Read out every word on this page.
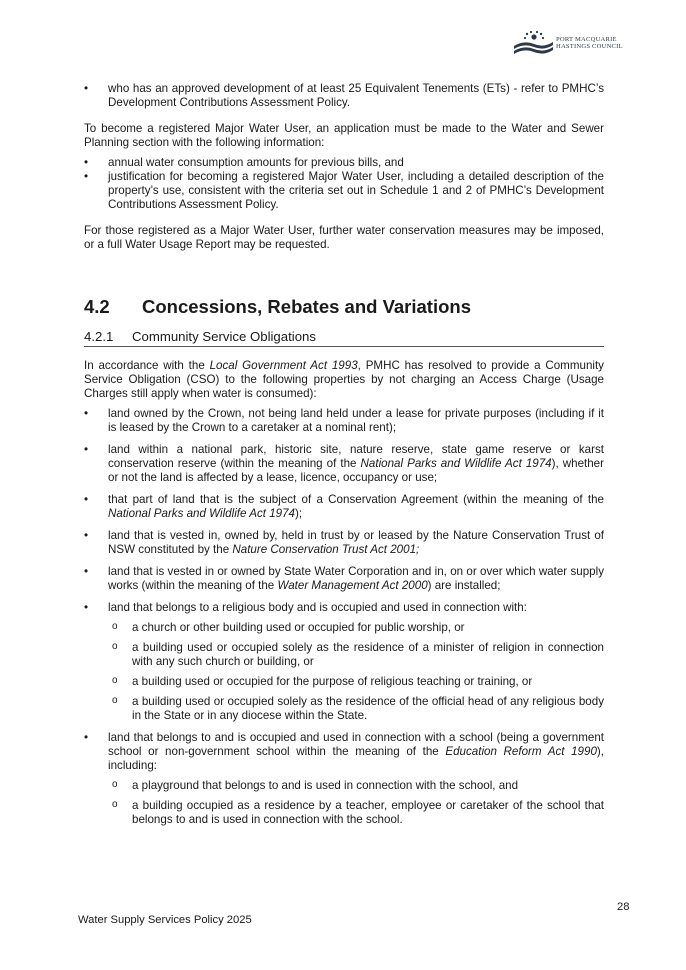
PORT MACQUARIE
HASTINGS COUNCIL
• who has an approved development of at least 25 Equivalent Tenements (ETs) - refer to PMHC’s Development Contributions Assessment Policy.

To become a registered Major Water User, an application must be made to the Water and Sewer Planning section with the following information:

• annual water consumption amounts for previous bills, and
• justification for becoming a registered Major Water User, including a detailed description of the property’s use, consistent with the criteria set out in Schedule 1 and 2 of PMHC’s Development Contributions Assessment Policy.

For those registered as a Major Water User, further water conservation measures may be imposed, or a full Water Usage Report may be requested.

4.2	Concessions, Rebates and Variations
4.2.1	Community Service Obligations

In accordance with the Local Government Act 1993, PMHC has resolved to provide a Community Service Obligation (CSO) to the following properties by not charging an Access Charge (Usage Charges still apply when water is consumed):

• land owned by the Crown, not being land held under a lease for private purposes (including if it is leased by the Crown to a caretaker at a nominal rent);
• land within a national park, historic site, nature reserve, state game reserve or karst conservation reserve (within the meaning of the National Parks and Wildlife Act 1974), whether or not the land is affected by a lease, licence, occupancy or use;
• that part of land that is the subject of a Conservation Agreement (within the meaning of the National Parks and Wildlife Act 1974);
• land that is vested in, owned by, held in trust by or leased by the Nature Conservation Trust of NSW constituted by the Nature Conservation Trust Act 2001;
• land that is vested in or owned by State Water Corporation and in, on or over which water supply works (within the meaning of the Water Management Act 2000) are installed;
• land that belongs to a religious body and is occupied and used in connection with:
o a church or other building used or occupied for public worship, or
o a building used or occupied solely as the residence of a minister of religion in connection with any such church or building, or
o a building used or occupied for the purpose of religious teaching or training, or
o a building used or occupied solely as the residence of the official head of any religious body in the State or in any diocese within the State.
• land that belongs to and is occupied and used in connection with a school (being a government school or non-government school within the meaning of the Education Reform Act 1990), including:
o a playground that belongs to and is used in connection with the school, and
o a building occupied as a residence by a teacher, employee or caretaker of the school that belongs to and is used in connection with the school.
28
Water Supply Services Policy 2025
